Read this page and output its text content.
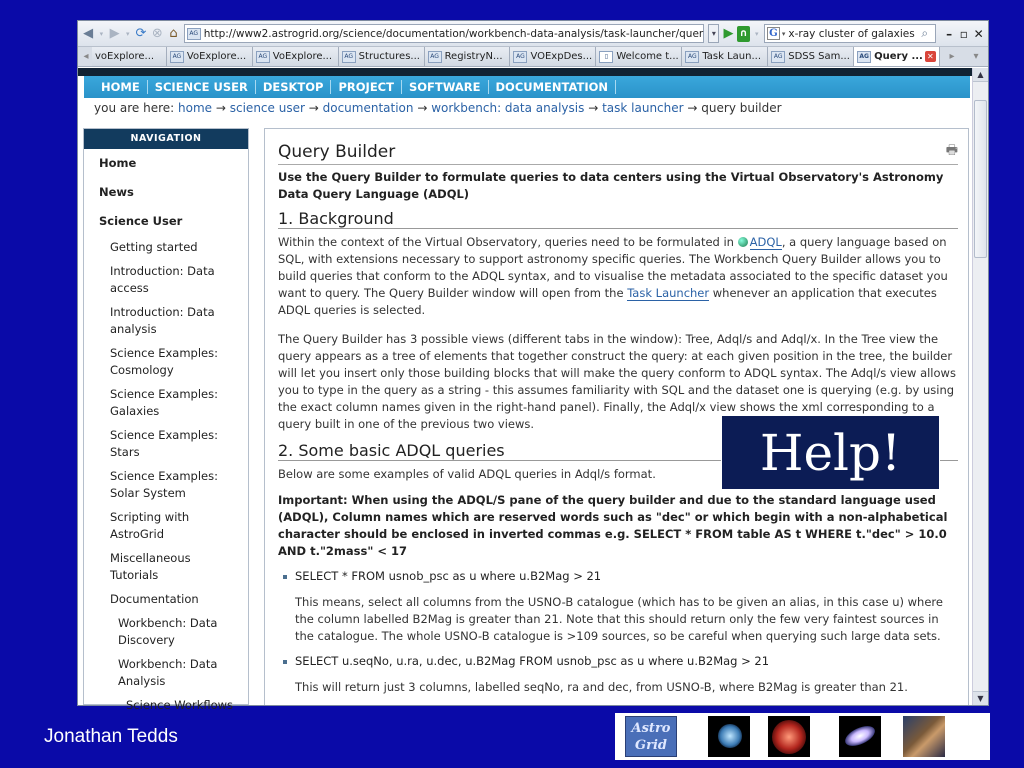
◀ ▾ ▶ ▾ ⟳ ⊗ ⌂	AG http://www2.astrogrid.org/science/documentation/workbench-data-analysis/task-launcher/quer	▾ ▶ ∩ ▾ G ▾ x-ray cluster of galaxies ⌕	– ▫ ✕
◂ voExplore...	AG VoExplore...	AG VoExplore...	AG Structures...	AG RegistryN...	AG VOExpDes...	▯ Welcome t...	AG Task Laun...	AG SDSS Sam...	AG Query ... ✕	▸	▾
HOME	SCIENCE USER	DESKTOP	PROJECT	SOFTWARE	DOCUMENTATION
you are here: home → science user → documentation → workbench: data analysis → task launcher → query builder
NAVIGATION
Home
News
Science User
Getting started
Introduction: Data access
Introduction: Data analysis
Science Examples: Cosmology
Science Examples: Galaxies
Science Examples: Stars
Science Examples: Solar System
Scripting with AstroGrid
Miscellaneous Tutorials
Documentation
Workbench: Data Discovery
Workbench: Data Analysis
Science Workflows
Query Builder	🖶

Use the Query Builder to formulate queries to data centers using the Virtual Observatory's Astronomy Data Query Language (ADQL)

1. Background

Within the context of the Virtual Observatory, queries need to be formulated in ADQL, a query language based on SQL, with extensions necessary to support astronomy specific queries. The Workbench Query Builder allows you to build queries that conform to the ADQL syntax, and to visualise the metadata associated to the specific dataset you want to query. The Query Builder window will open from the Task Launcher whenever an application that executes ADQL queries is selected.

The Query Builder has 3 possible views (different tabs in the window): Tree, Adql/s and Adql/x. In the Tree view the query appears as a tree of elements that together construct the query: at each given position in the tree, the builder will let you insert only those building blocks that will make the query conform to ADQL syntax. The Adql/s view allows you to type in the query as a string - this assumes familiarity with SQL and the dataset one is querying (e.g. by using the exact column names given in the right-hand panel). Finally, the Adql/x view shows the xml corresponding to a query built in one of the previous two views.

2. Some basic ADQL queries

Below are some examples of valid ADQL queries in Adql/s format.

Important: When using the ADQL/S pane of the query builder and due to the standard language used (ADQL), Column names which are reserved words such as "dec" or which begin with a non-alphabetical character should be enclosed in inverted commas e.g. SELECT * FROM table AS t WHERE t."dec" > 10.0 AND t."2mass" < 17

SELECT * FROM usnob_psc as u where u.B2Mag > 21
This means, select all columns from the USNO-B catalogue (which has to be given an alias, in this case u) where the column labelled B2Mag is greater than 21. Note that this should return only the few very faintest sources in the catalogue. The whole USNO-B catalogue is >109 sources, so be careful when querying such large data sets.
SELECT u.seqNo, u.ra, u.dec, u.B2Mag FROM usnob_psc as u where u.B2Mag > 21
This will return just 3 columns, labelled seqNo, ra and dec, from USNO-B, where B2Mag is greater than 21.
▲
▼
Help!
Jonathan Tedds	Astro
Grid
